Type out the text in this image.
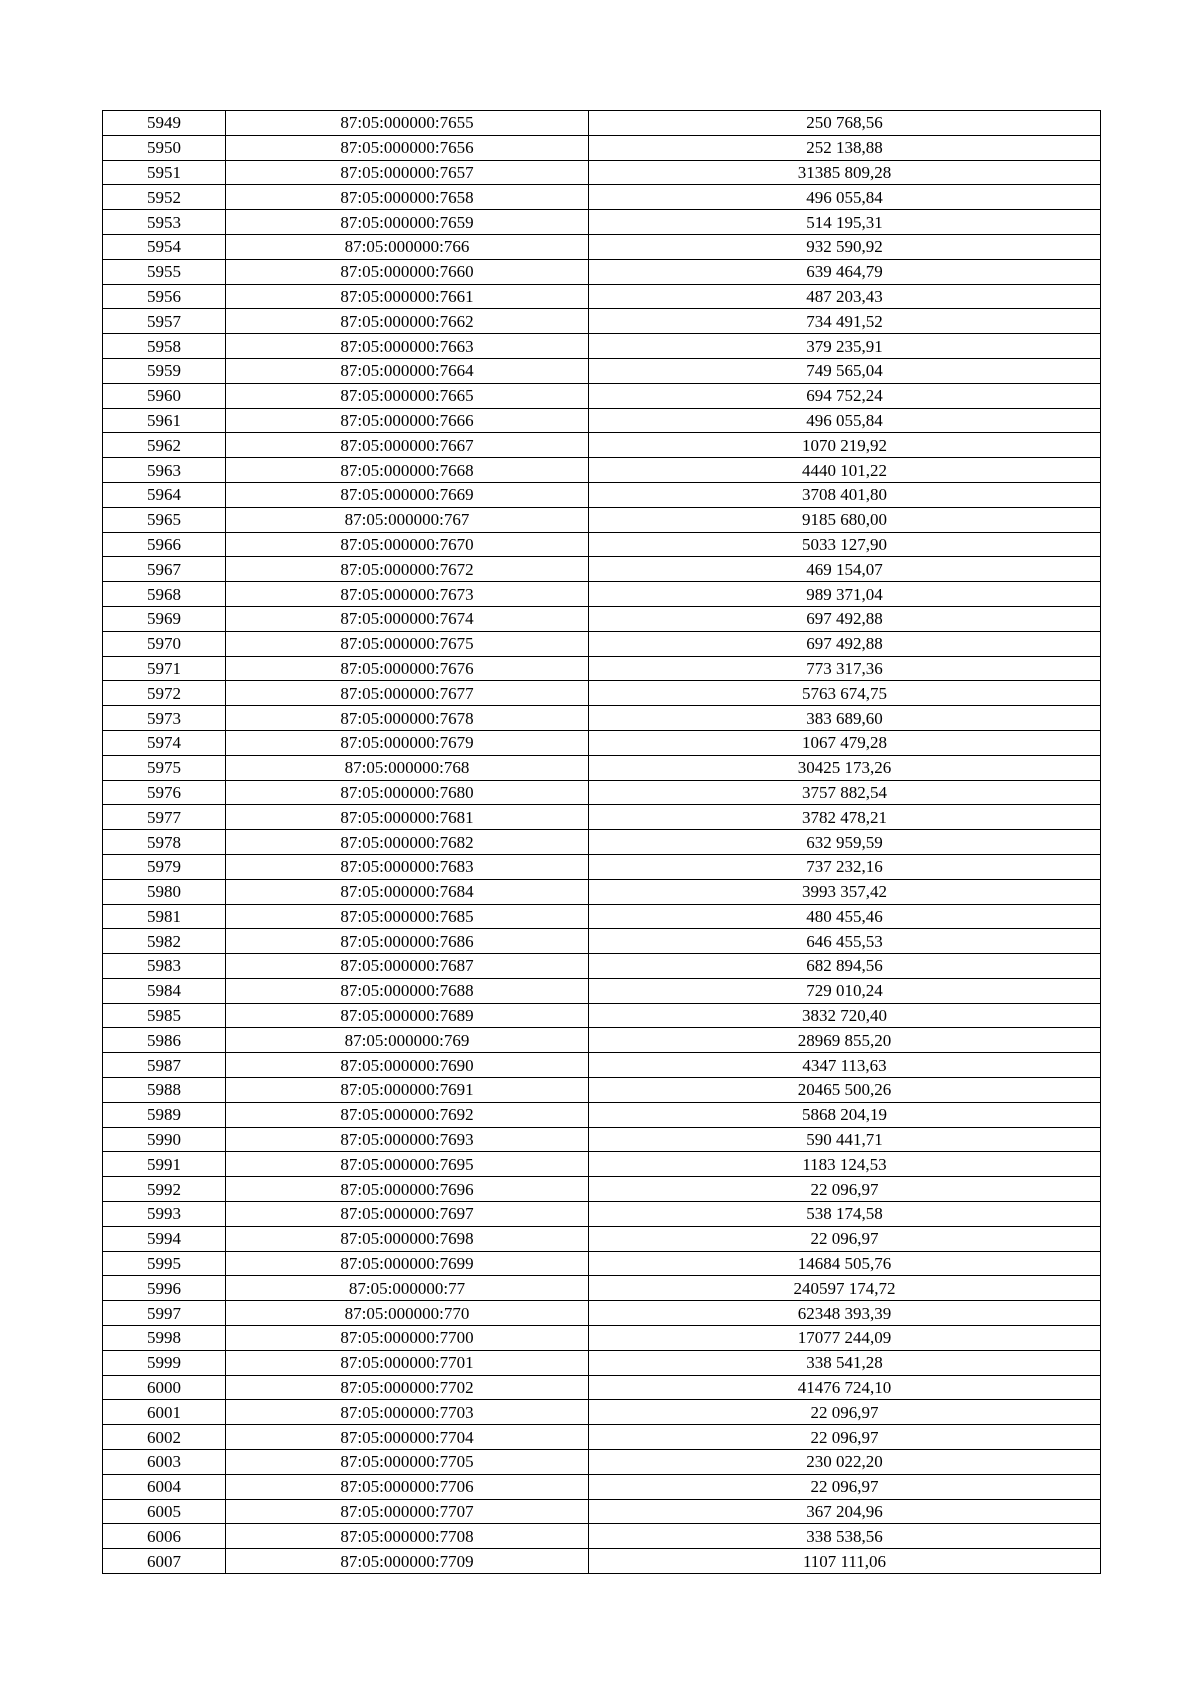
5949	87:05:000000:7655	250 768,56
5950	87:05:000000:7656	252 138,88
5951	87:05:000000:7657	31385 809,28
5952	87:05:000000:7658	496 055,84
5953	87:05:000000:7659	514 195,31
5954	87:05:000000:766	932 590,92
5955	87:05:000000:7660	639 464,79
5956	87:05:000000:7661	487 203,43
5957	87:05:000000:7662	734 491,52
5958	87:05:000000:7663	379 235,91
5959	87:05:000000:7664	749 565,04
5960	87:05:000000:7665	694 752,24
5961	87:05:000000:7666	496 055,84
5962	87:05:000000:7667	1070 219,92
5963	87:05:000000:7668	4440 101,22
5964	87:05:000000:7669	3708 401,80
5965	87:05:000000:767	9185 680,00
5966	87:05:000000:7670	5033 127,90
5967	87:05:000000:7672	469 154,07
5968	87:05:000000:7673	989 371,04
5969	87:05:000000:7674	697 492,88
5970	87:05:000000:7675	697 492,88
5971	87:05:000000:7676	773 317,36
5972	87:05:000000:7677	5763 674,75
5973	87:05:000000:7678	383 689,60
5974	87:05:000000:7679	1067 479,28
5975	87:05:000000:768	30425 173,26
5976	87:05:000000:7680	3757 882,54
5977	87:05:000000:7681	3782 478,21
5978	87:05:000000:7682	632 959,59
5979	87:05:000000:7683	737 232,16
5980	87:05:000000:7684	3993 357,42
5981	87:05:000000:7685	480 455,46
5982	87:05:000000:7686	646 455,53
5983	87:05:000000:7687	682 894,56
5984	87:05:000000:7688	729 010,24
5985	87:05:000000:7689	3832 720,40
5986	87:05:000000:769	28969 855,20
5987	87:05:000000:7690	4347 113,63
5988	87:05:000000:7691	20465 500,26
5989	87:05:000000:7692	5868 204,19
5990	87:05:000000:7693	590 441,71
5991	87:05:000000:7695	1183 124,53
5992	87:05:000000:7696	22 096,97
5993	87:05:000000:7697	538 174,58
5994	87:05:000000:7698	22 096,97
5995	87:05:000000:7699	14684 505,76
5996	87:05:000000:77	240597 174,72
5997	87:05:000000:770	62348 393,39
5998	87:05:000000:7700	17077 244,09
5999	87:05:000000:7701	338 541,28
6000	87:05:000000:7702	41476 724,10
6001	87:05:000000:7703	22 096,97
6002	87:05:000000:7704	22 096,97
6003	87:05:000000:7705	230 022,20
6004	87:05:000000:7706	22 096,97
6005	87:05:000000:7707	367 204,96
6006	87:05:000000:7708	338 538,56
6007	87:05:000000:7709	1107 111,06
